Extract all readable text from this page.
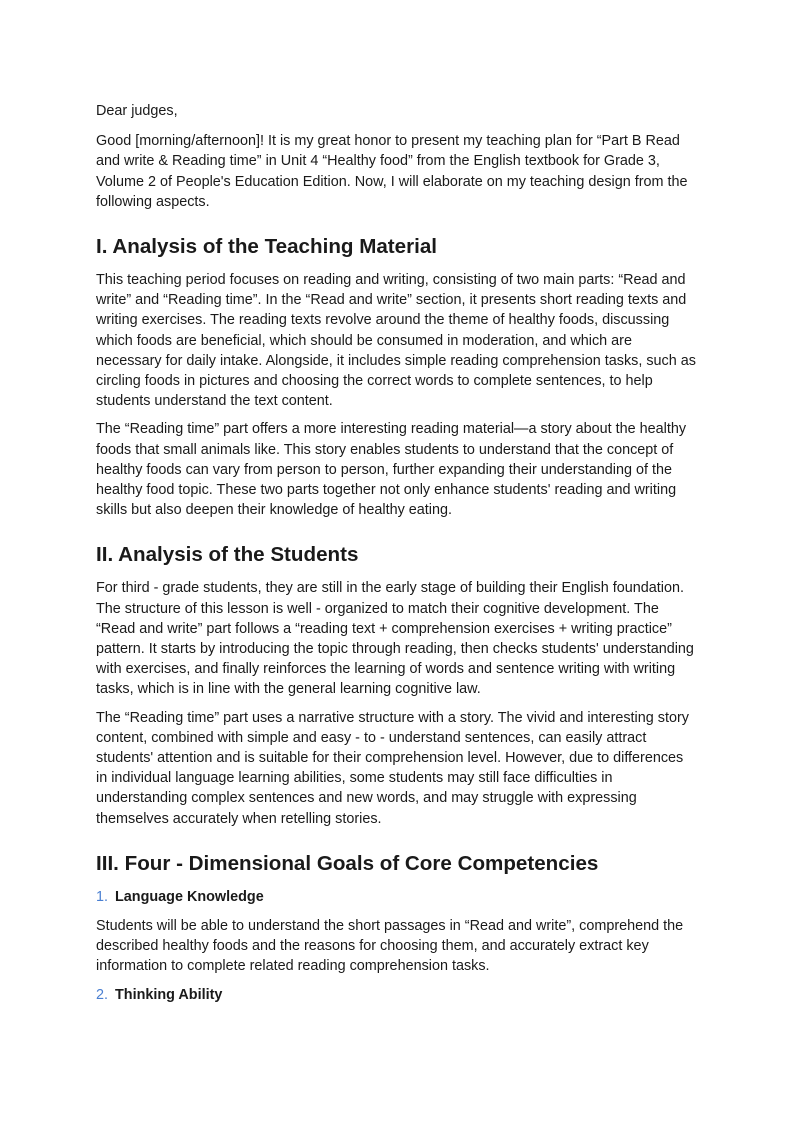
Dear judges,

Good [morning/afternoon]! It is my great honor to present my teaching plan for “Part B Read and write & Reading time” in Unit 4 “Healthy food” from the English textbook for Grade 3, Volume 2 of People's Education Edition. Now, I will elaborate on my teaching design from the following aspects.

I. Analysis of the Teaching Material

This teaching period focuses on reading and writing, consisting of two main parts: “Read and write” and “Reading time”. In the “Read and write” section, it presents short reading texts and writing exercises. The reading texts revolve around the theme of healthy foods, discussing which foods are beneficial, which should be consumed in moderation, and which are necessary for daily intake. Alongside, it includes simple reading comprehension tasks, such as circling foods in pictures and choosing the correct words to complete sentences, to help students understand the text content.

The “Reading time” part offers a more interesting reading material—a story about the healthy foods that small animals like. This story enables students to understand that the concept of healthy foods can vary from person to person, further expanding their understanding of the healthy food topic. These two parts together not only enhance students' reading and writing skills but also deepen their knowledge of healthy eating.

II. Analysis of the Students

For third - grade students, they are still in the early stage of building their English foundation. The structure of this lesson is well - organized to match their cognitive development. The “Read and write” part follows a “reading text + comprehension exercises + writing practice” pattern. It starts by introducing the topic through reading, then checks students' understanding with exercises, and finally reinforces the learning of words and sentence writing with writing tasks, which is in line with the general learning cognitive law.

The “Reading time” part uses a narrative structure with a story. The vivid and interesting story content, combined with simple and easy - to - understand sentences, can easily attract students' attention and is suitable for their comprehension level. However, due to differences in individual language learning abilities, some students may still face difficulties in understanding complex sentences and new words, and may struggle with expressing themselves accurately when retelling stories.

III. Four - Dimensional Goals of Core Competencies
1. Language Knowledge

Students will be able to understand the short passages in “Read and write”, comprehend the described healthy foods and the reasons for choosing them, and accurately extract key information to complete related reading comprehension tasks.

2. Thinking Ability
